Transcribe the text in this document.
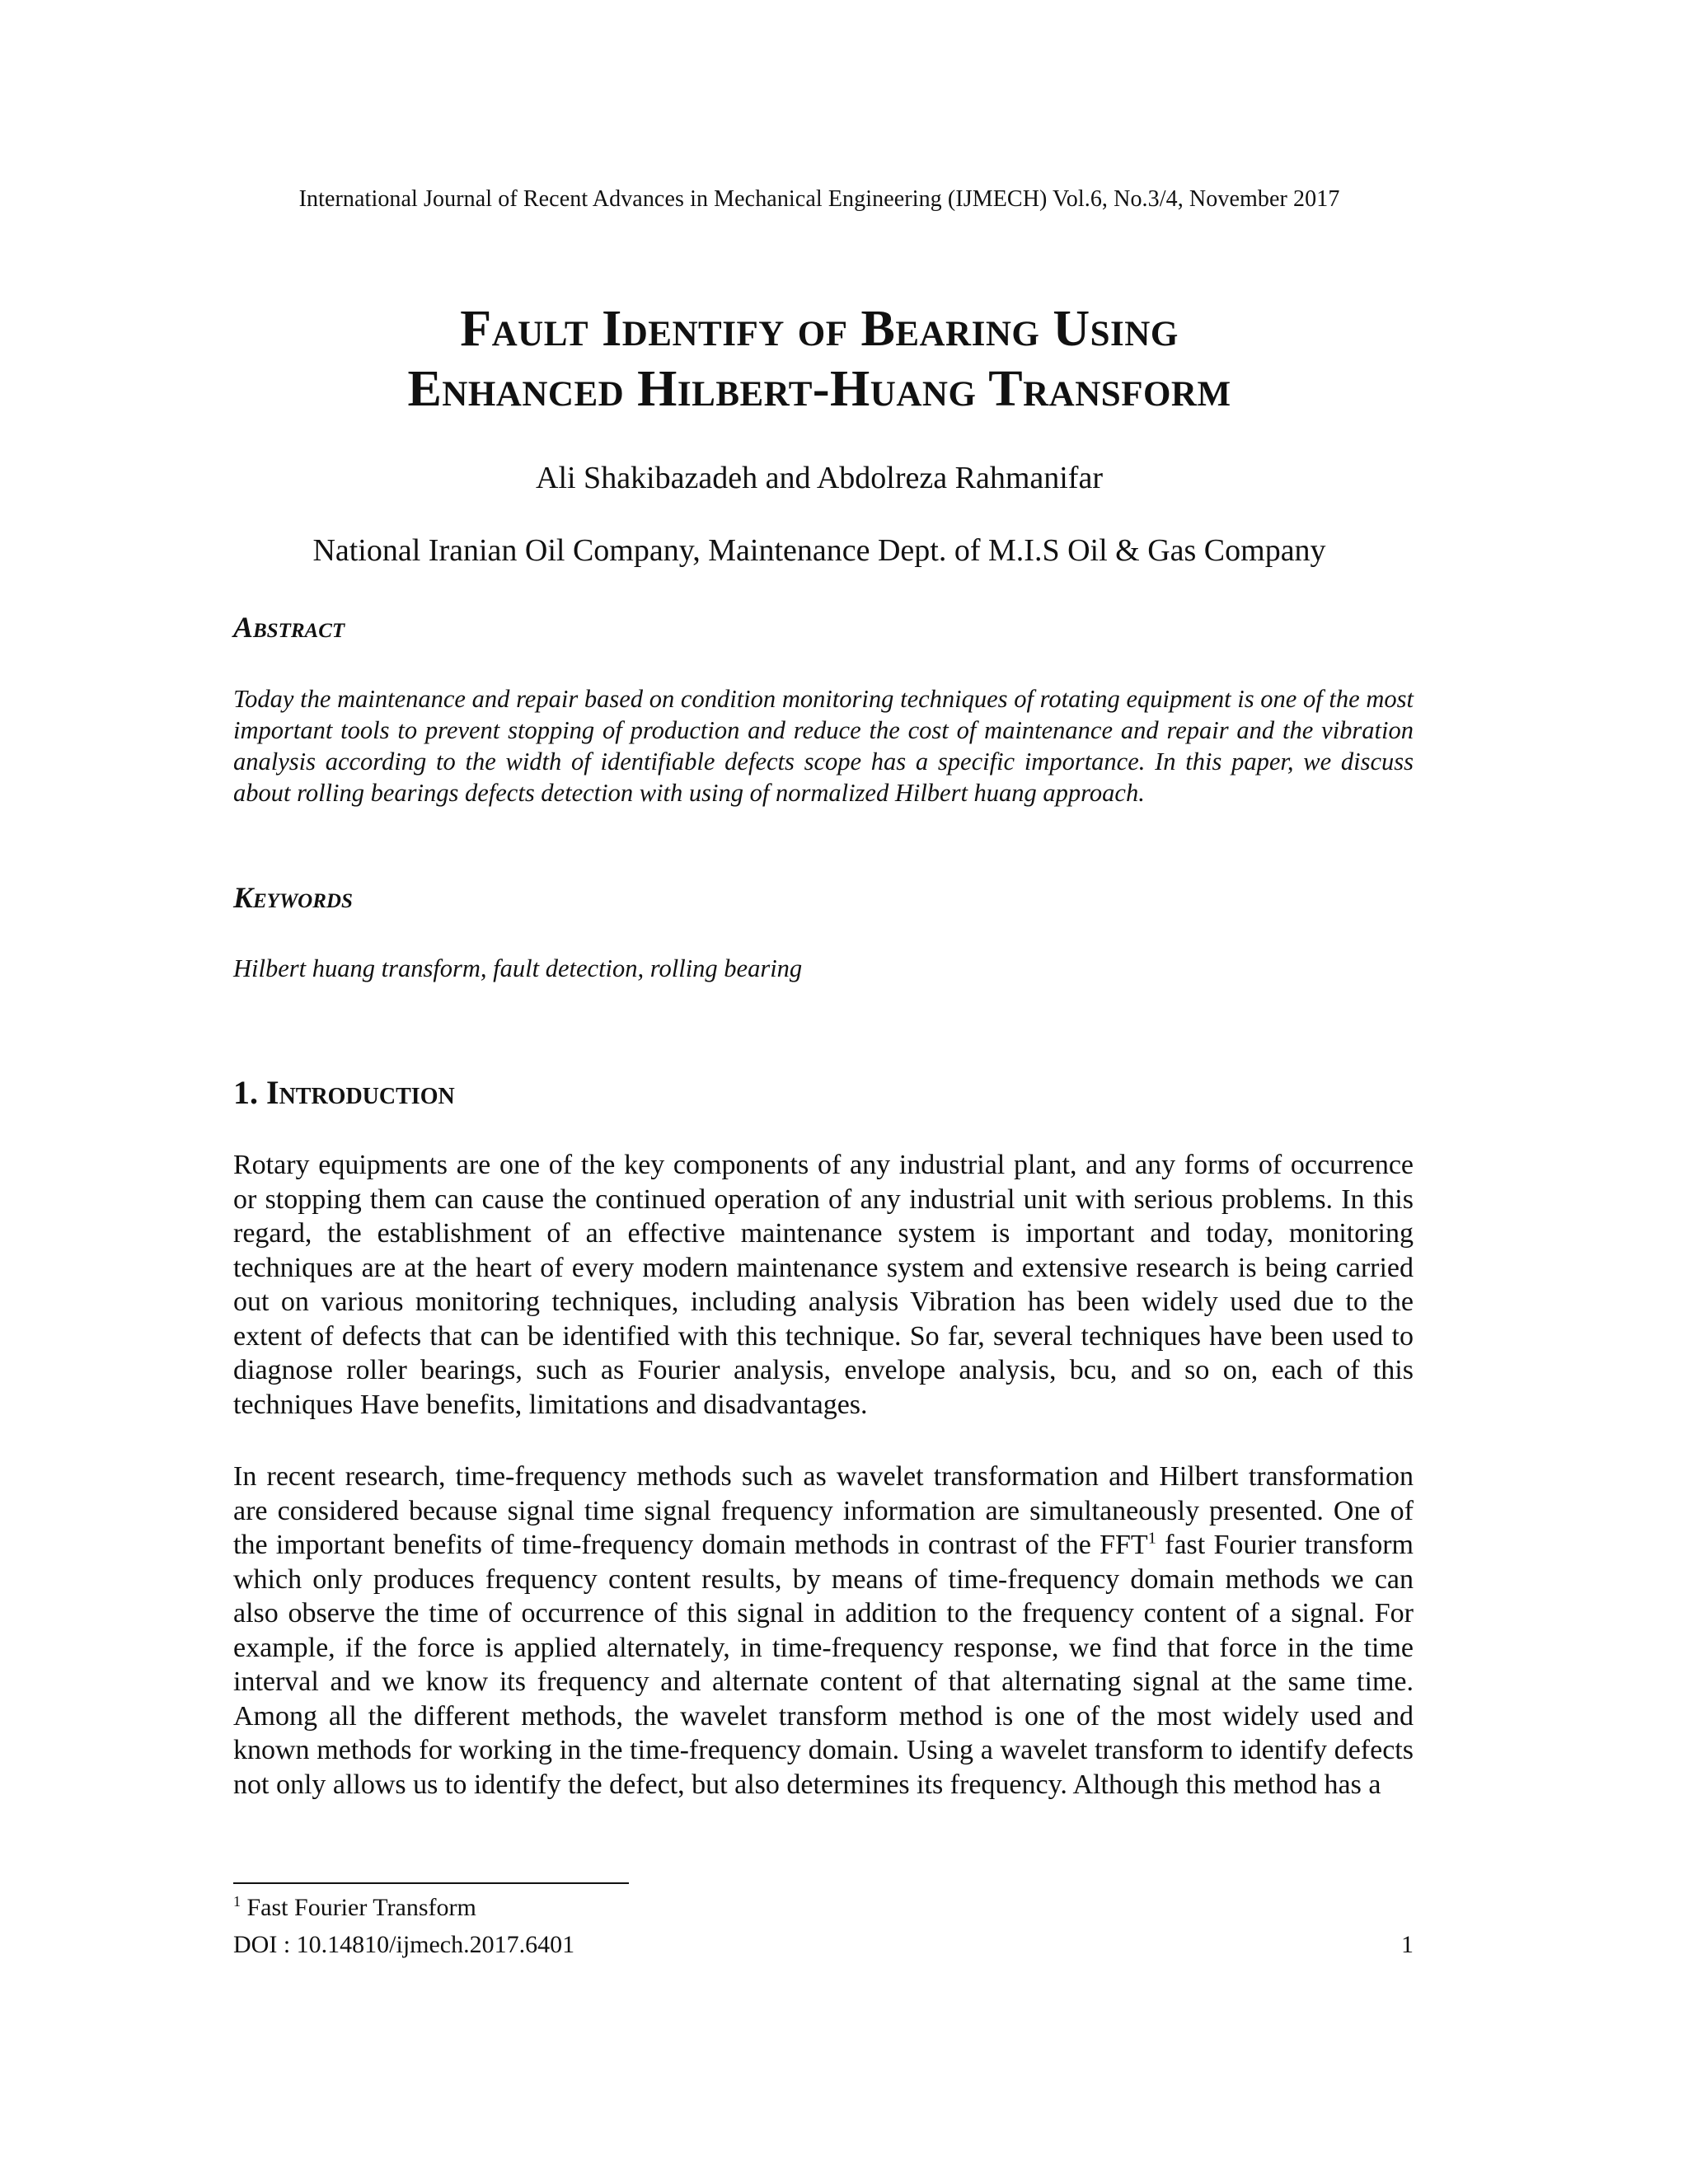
International Journal of Recent Advances in Mechanical Engineering (IJMECH) Vol.6, No.3/4, November 2017
Fault Identify of Bearing Using
Enhanced Hilbert-Huang Transform
Ali Shakibazadeh and Abdolreza Rahmanifar
National Iranian Oil Company, Maintenance Dept. of M.I.S Oil & Gas Company
Abstract
Today the maintenance and repair based on condition monitoring techniques of rotating equipment is one of the most important tools to prevent stopping of production and reduce the cost of maintenance and repair and the vibration analysis according to the width of identifiable defects scope has a specific importance. In this paper, we discuss about rolling bearings defects detection with using of normalized Hilbert huang approach.
Keywords
Hilbert huang transform, fault detection, rolling bearing
1. Introduction
Rotary equipments are one of the key components of any industrial plant, and any forms of occurrence or stopping them can cause the continued operation of any industrial unit with serious problems. In this regard, the establishment of an effective maintenance system is important and today, monitoring techniques are at the heart of every modern maintenance system and extensive research is being carried out on various monitoring techniques, including analysis Vibration has been widely used due to the extent of defects that can be identified with this technique. So far, several techniques have been used to diagnose roller bearings, such as Fourier analysis, envelope analysis, bcu, and so on, each of this techniques Have benefits, limitations and disadvantages.
In recent research, time-frequency methods such as wavelet transformation and Hilbert transformation are considered because signal time signal frequency information are simultaneously presented. One of the important benefits of time-frequency domain methods in contrast of the FFT$^1$ fast Fourier transform which only produces frequency content results, by means of time-frequency domain methods we can also observe the time of occurrence of this signal in addition to the frequency content of a signal. For example, if the force is applied alternately, in time-frequency response, we find that force in the time interval and we know its frequency and alternate content of that alternating signal at the same time. Among all the different methods, the wavelet transform method is one of the most widely used and known methods for working in the time-frequency domain. Using a wavelet transform to identify defects not only allows us to identify the defect, but also determines its frequency. Although this method has a
$^1$ Fast Fourier Transform
DOI : 10.14810/ijmech.2017.6401	1
